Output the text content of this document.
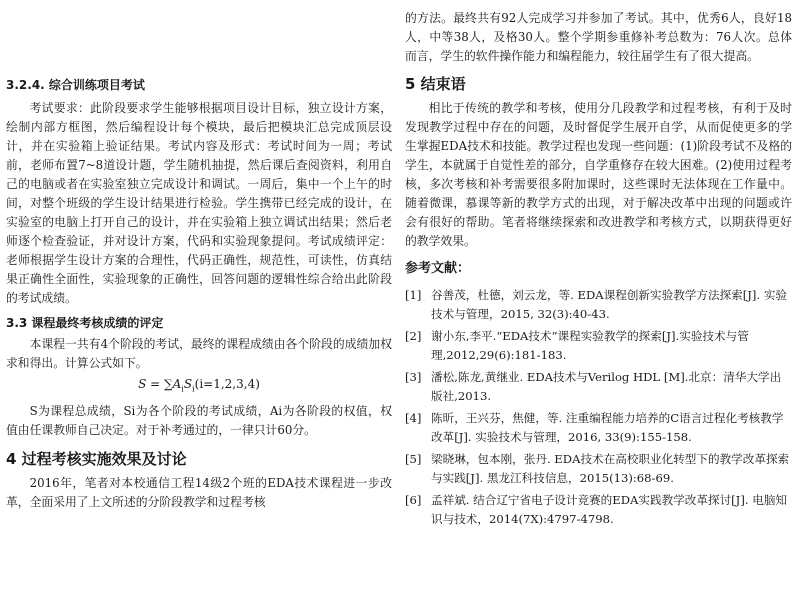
3.2.4. 综合训练项目考试

考试要求：此阶段要求学生能够根据项目设计目标，独立设计方案，绘制内部方框图，然后编程设计每个模块，最后把模块汇总完成顶层设计，并在实验箱上验证结果。考试内容及形式：考试时间为一周；考试前，老师布置7~8道设计题，学生随机抽提，然后课后查阅资料，利用自己的电脑或者在实验室独立完成设计和调试。一周后，集中一个上午的时间，对整个班级的学生设计结果进行检验。学生携带已经完成的设计，在实验室的电脑上打开自己的设计，并在实验箱上独立调试出结果；然后老师逐个检查验证，并对设计方案，代码和实验现象提问。考试成绩评定：老师根据学生设计方案的合理性，代码正确性，规范性，可读性，仿真结果正确性全面性，实验现象的正确性，回答问题的逻辑性综合给出此阶段的考试成绩。

3.3 课程最终考核成绩的评定

本课程一共有4个阶段的考试，最终的课程成绩由各个阶段的成绩加权求和得出。计算公式如下。

$S = \sum A_iS_i(i=1,2,3,4)$

S为课程总成绩，Si为各个阶段的考试成绩，Ai为各阶段的权值，权值由任课教师自己决定。对于补考通过的，一律只计60分。

4 过程考核实施效果及讨论

2016年，笔者对本校通信工程14级2个班的EDA技术课程进一步改革，全面采用了上文所述的分阶段教学和过程考核

的方法。最终共有92人完成学习并参加了考试。其中，优秀6人，良好18人，中等38人，及格30人。整个学期参重修补考总数为：76人次。总体而言，学生的软件操作能力和编程能力，较往届学生有了很大提高。

5 结束语

相比于传统的教学和考核，使用分几段教学和过程考核，有利于及时发现教学过程中存在的问题，及时督促学生展开自学，从而促使更多的学生掌握EDA技术和技能。教学过程也发现一些问题：(1)阶段考试不及格的学生，本就属于自觉性差的部分，自学重修存在较大困难。(2)使用过程考核，多次考核和补考需要很多附加课时，这些课时无法体现在工作量中。随着微课，慕课等新的教学方式的出现，对于解决改革中出现的问题或许会有很好的帮助。笔者将继续探索和改进教学和考核方式，以期获得更好的教学效果。

参考文献：
[1] 谷善茂，杜德，刘云龙，等. EDA课程创新实验教学方法探索[J]. 实验技术与管理，2015, 32(3):40-43.
[2] 谢小东,李平.“EDA技术”课程实验教学的探索[J].实验技术与管理,2012,29(6):181-183.
[3] 潘松,陈龙,黄继业. EDA技术与Verilog HDL [M].北京：清华大学出版社,2013.
[4] 陈昕，王兴芬，焦健，等. 注重编程能力培养的C语言过程化考核教学改革[J]. 实验技术与管理，2016, 33(9):155-158.
[5] 梁晓琳，包本刚，张丹. EDA技术在高校职业化转型下的教学改革探索与实践[J]. 黑龙江科技信息，2015(13):68-69.
[6] 孟祥斌. 结合辽宁省电子设计竞赛的EDA实践教学改革探讨[J]. 电脑知识与技术，2014(7X):4797-4798.
